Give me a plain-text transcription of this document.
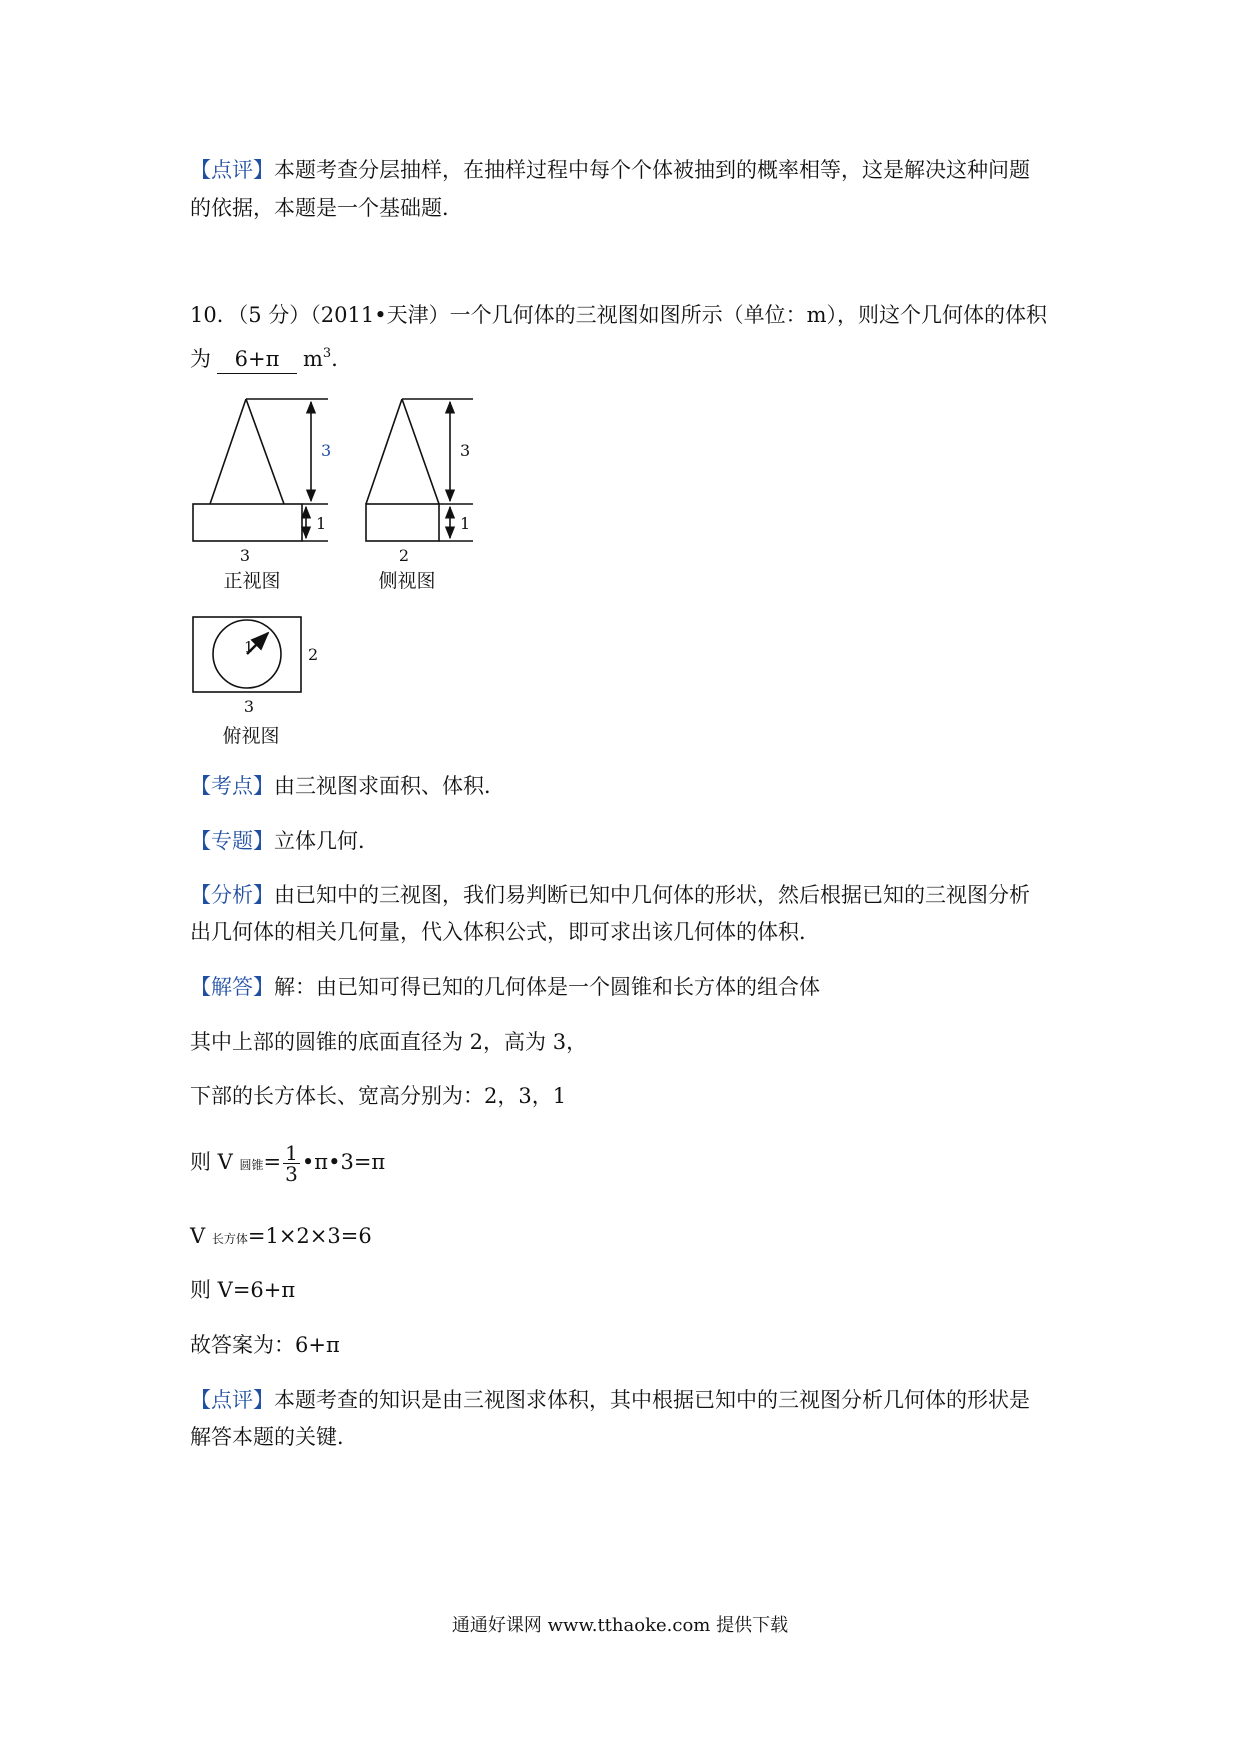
【点评】本题考查分层抽样，在抽样过程中每个个体被抽到的概率相等，这是解决这种问题
的依据，本题是一个基础题．
10．（5 分）（2011•天津）一个几何体的三视图如图所示（单位：m），则这个几何体的体积
为 6+π $m^3$．
3
1
3
正视图
3
1
2
侧视图
1	2
3
俯视图
【考点】由三视图求面积、体积．
【专题】立体几何．
【分析】由已知中的三视图，我们易判断已知中几何体的形状，然后根据已知的三视图分析
出几何体的相关几何量，代入体积公式，即可求出该几何体的体积．
【解答】解：由已知可得已知的几何体是一个圆锥和长方体的组合体
其中上部的圆锥的底面直径为 2，高为 3，
下部的长方体长、宽高分别为：2，3，1
则 V 圆锥= $\frac{1}{3}$ •π•3=π
V 长方体=1×2×3=6
则 V=6+π
故答案为：6+π
【点评】本题考查的知识是由三视图求体积，其中根据已知中的三视图分析几何体的形状是
解答本题的关键．
通通好课网 www.tthaoke.com 提供下载
